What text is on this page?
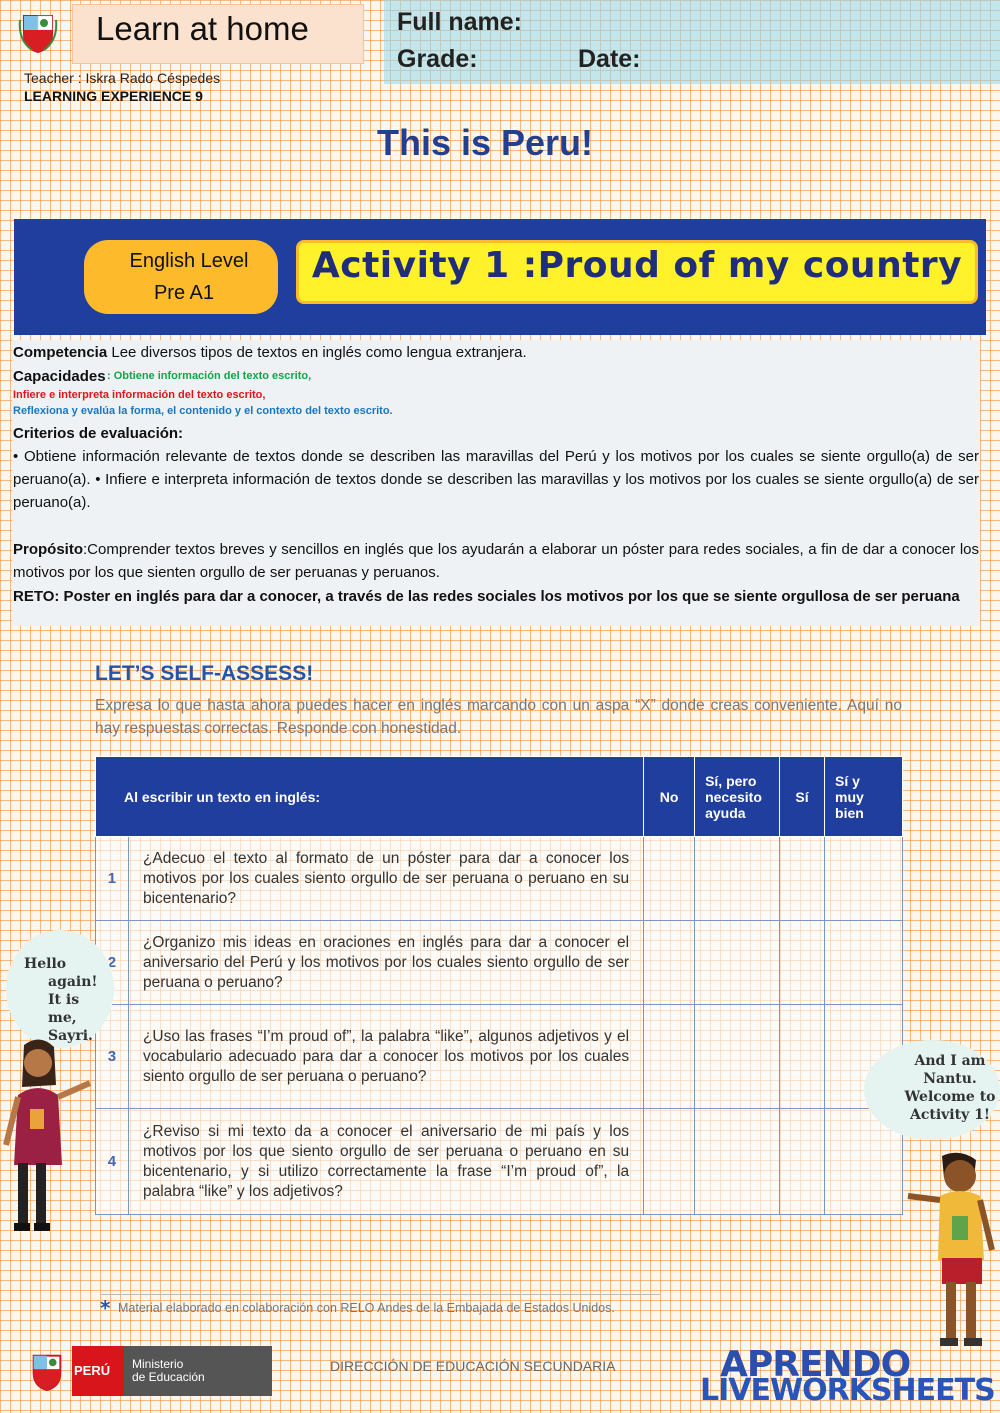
Learn at home
Teacher : Iskra Rado Céspedes
LEARNING EXPERIENCE 9
Full name:
Grade:	Date:
This is Peru!
English Level
Pre A1
Activity 1 :Proud of my country
Competencia Lee diversos tipos de textos en inglés como lengua extranjera.
Capacidades : Obtiene información del texto escrito,
Infiere e interpreta información del texto escrito,
Reflexiona y evalúa la forma, el contenido y el contexto del texto escrito.
Criterios de evaluación:
• Obtiene información relevante de textos donde se describen las maravillas del Perú y los motivos por los cuales se siente orgullo(a) de ser peruano(a). • Infiere e interpreta información de textos donde se describen las maravillas y los motivos por los cuales se siente orgullo(a) de ser peruano(a).
Propósito:Comprender textos breves y sencillos en inglés que los ayudarán a elaborar un póster para redes sociales, a fin de dar a conocer los motivos por los que sienten orgullo de ser peruanas y peruanos.
RETO: Poster en inglés para dar a conocer, a través de las redes sociales los motivos por los que se siente orgullosa de ser peruana
LET’S SELF-ASSESS!
Expresa lo que hasta ahora puedes hacer en inglés marcando con un aspa “X” donde creas conveniente. Aquí no hay respuestas correctas. Responde con honestidad.
Al escribir un texto en inglés:		No	Sí, pero necesito ayuda	Sí	Sí y muy bien
1	¿Adecuo el texto al formato de un póster para dar a conocer los motivos por los cuales siento orgullo de ser peruana o peruano en su bicentenario?				
2	¿Organizo mis ideas en oraciones en inglés para dar a conocer el aniversario del Perú y los motivos por los cuales siento orgullo de ser peruana o peruano?				
3	¿Uso las frases “I’m proud of”, la palabra “like”, algunos adjetivos y el vocabulario adecuado para dar a conocer los motivos por los cuales siento orgullo de ser peruana o peruano?				
4	¿Reviso si mi texto da a conocer el aniversario de mi país y los motivos por los que siento orgullo de ser peruana o peruano en su bicentenario, y si utilizo correctamente la frase “I’m proud of”, la palabra “like” y los adjetivos?				
Hello
again!
It is me,
Sayri.
And I am Nantu. Welcome to Activity 1!
* Material elaborado en colaboración con RELO Andes de la Embajada de Estados Unidos.
PERÚ Ministerio
de Educación
DIRECCIÓN DE EDUCACIÓN SECUNDARIA	APRENDO
LIVEWORKSHEETS
